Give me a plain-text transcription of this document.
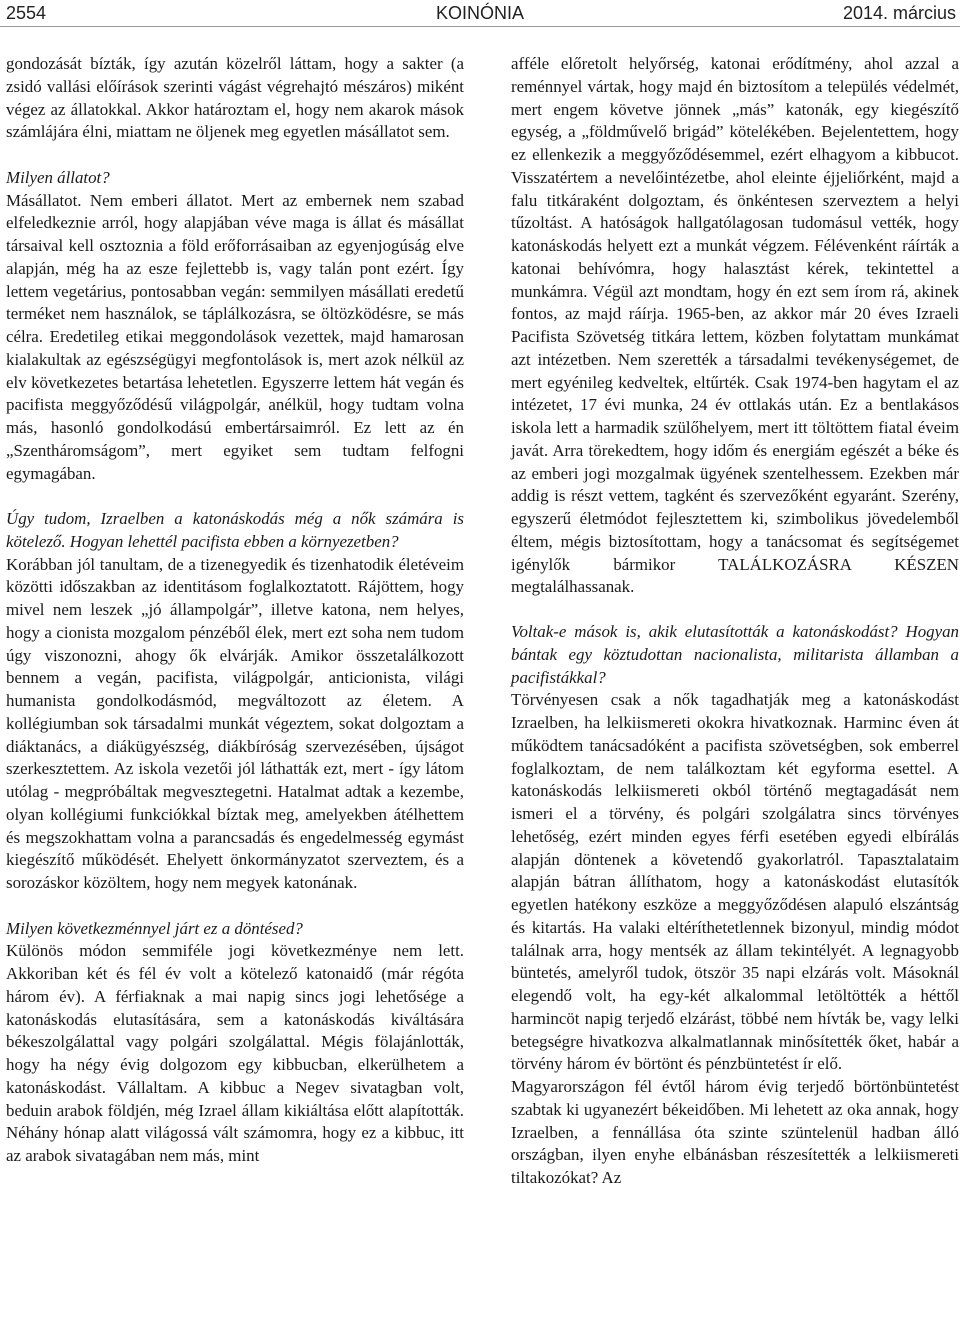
2554	KOINÓNIA	2014. március

gondozását bízták, így azután közelről láttam, hogy a sakter (a zsidó vallási előírások szerinti vágást végrehajtó mészáros) miként végez az állatokkal. Akkor határoztam el, hogy nem akarok mások számlájára élni, miattam ne öljenek meg egyetlen másállatot sem.

Milyen állatot?

Másállatot. Nem emberi állatot. Mert az embernek nem szabad elfeledkeznie arról, hogy alapjában véve maga is állat és másállat társaival kell osztoznia a föld erőforrásaiban az egyenjogúság elve alapján, még ha az esze fejlettebb is, vagy talán pont ezért. Így lettem vegetárius, pontosabban vegán: semmilyen másállati eredetű terméket nem használok, se táplálkozásra, se öltözködésre, se más célra. Eredetileg etikai meggondolások vezettek, majd hamarosan kialakultak az egészségügyi megfontolások is, mert azok nélkül az elv következetes betartása lehetetlen. Egyszerre lettem hát vegán és pacifista meggyőződésű világpolgár, anélkül, hogy tudtam volna más, hasonló gondolkodású embertársaimról. Ez lett az én „Szentháromságom”, mert egyiket sem tudtam felfogni egymagában.

Úgy tudom, Izraelben a katonáskodás még a nők számára is kötelező. Hogyan lehettél pacifista ebben a környezetben?

Korábban jól tanultam, de a tizenegyedik és tizenhatodik életéveim közötti időszakban az identitásom foglalkoztatott. Rájöttem, hogy mivel nem leszek „jó állampolgár”, illetve katona, nem helyes, hogy a cionista mozgalom pénzéből élek, mert ezt soha nem tudom úgy viszonozni, ahogy ők elvárják. Amikor összetalálkozott bennem a vegán, pacifista, világpolgár, anticionista, világi humanista gondolkodásmód, megváltozott az életem. A kollégiumban sok társadalmi munkát végeztem, sokat dolgoztam a diáktanács, a diákügyészség, diákbíróság szervezésében, újságot szerkesztettem. Az iskola vezetői jól láthatták ezt, mert - így látom utólag - megpróbáltak megvesztegetni. Hatalmat adtak a kezembe, olyan kollégiumi funkciókkal bíztak meg, amelyekben átélhettem és megszokhattam volna a parancsadás és engedelmesség egymást kiegészítő működését. Ehelyett önkormányzatot szerveztem, és a sorozáskor közöltem, hogy nem megyek katonának.

Milyen következménnyel járt ez a döntésed?

Különös módon semmiféle jogi következménye nem lett. Akkoriban két és fél év volt a kötelező katonaidő (már régóta három év). A férfiaknak a mai napig sincs jogi lehetősége a katonáskodás elutasítására, sem a katonáskodás kiváltására békeszolgálattal vagy polgári szolgálattal. Mégis fölajánlották, hogy ha négy évig dolgozom egy kibbucban, elkerülhetem a katonáskodást. Vállaltam. A kibbuc a Negev sivatagban volt, beduin arabok földjén, még Izrael állam kikiáltása előtt alapították. Néhány hónap alatt világossá vált számomra, hogy ez a kibbuc, itt az arabok sivatagában nem más, mint

afféle előretolt helyőrség, katonai erődítmény, ahol azzal a reménnyel vártak, hogy majd én biztosítom a település védelmét, mert engem követve jönnek „más” katonák, egy kiegészítő egység, a „földművelő brigád” kötelékében. Bejelentettem, hogy ez ellenkezik a meggyőződésemmel, ezért elhagyom a kibbucot. Visszatértem a nevelőintézetbe, ahol eleinte éjjeliőrként, majd a falu titkáraként dolgoztam, és önkéntesen szerveztem a helyi tűzoltást. A hatóságok hallgatólagosan tudomásul vették, hogy katonáskodás helyett ezt a munkát végzem. Félévenként ráírták a katonai behívómra, hogy halasztást kérek, tekintettel a munkámra. Végül azt mondtam, hogy én ezt sem írom rá, akinek fontos, az majd ráírja. 1965-ben, az akkor már 20 éves Izraeli Pacifista Szövetség titkára lettem, közben folytattam munkámat azt intézetben. Nem szerették a társadalmi tevékenységemet, de mert egyénileg kedveltek, eltűrték. Csak 1974-ben hagytam el az intézetet, 17 évi munka, 24 év ottlakás után. Ez a bentlakásos iskola lett a harmadik szülőhelyem, mert itt töltöttem fiatal éveim javát. Arra törekedtem, hogy időm és energiám egészét a béke és az emberi jogi mozgalmak ügyének szentelhessem. Ezekben már addig is részt vettem, tagként és szervezőként egyaránt. Szerény, egyszerű életmódot fejlesztettem ki, szimbolikus jövedelemből éltem, mégis biztosítottam, hogy a tanácsomat és segítségemet igénylők bármikor TALÁLKOZÁSRA KÉSZEN megtalálhassanak.

Voltak-e mások is, akik elutasították a katonáskodást? Hogyan bántak egy köztudottan nacionalista, militarista államban a pacifistákkal?

Törvényesen csak a nők tagadhatják meg a katonáskodást Izraelben, ha lelkiismereti okokra hivatkoznak. Harminc éven át működtem tanácsadóként a pacifista szövetségben, sok emberrel foglalkoztam, de nem találkoztam két egyforma esettel. A katonáskodás lelkiismereti okból történő megtagadását nem ismeri el a törvény, és polgári szolgálatra sincs törvényes lehetőség, ezért minden egyes férfi esetében egyedi elbírálás alapján döntenek a követendő gyakorlatról. Tapasztalataim alapján bátran állíthatom, hogy a katonáskodást elutasítók egyetlen hatékony eszköze a meggyőződésen alapuló elszántság és kitartás. Ha valaki eltéríthetetlennek bizonyul, mindig módot találnak arra, hogy mentsék az állam tekintélyét. A legnagyobb büntetés, amelyről tudok, ötször 35 napi elzárás volt. Másoknál elegendő volt, ha egy-két alkalommal letöltötték a héttől harmincöt napig terjedő elzárást, többé nem hívták be, vagy lelki betegségre hivatkozva alkalmatlannak minősítették őket, habár a törvény három év börtönt és pénzbüntetést ír elő.

Magyarországon fél évtől három évig terjedő börtönbüntetést szabtak ki ugyanezért békeidőben. Mi lehetett az oka annak, hogy Izraelben, a fennállása óta szinte szüntelenül hadban álló országban, ilyen enyhe elbánásban részesítették a lelkiismereti tiltakozókat? Az
